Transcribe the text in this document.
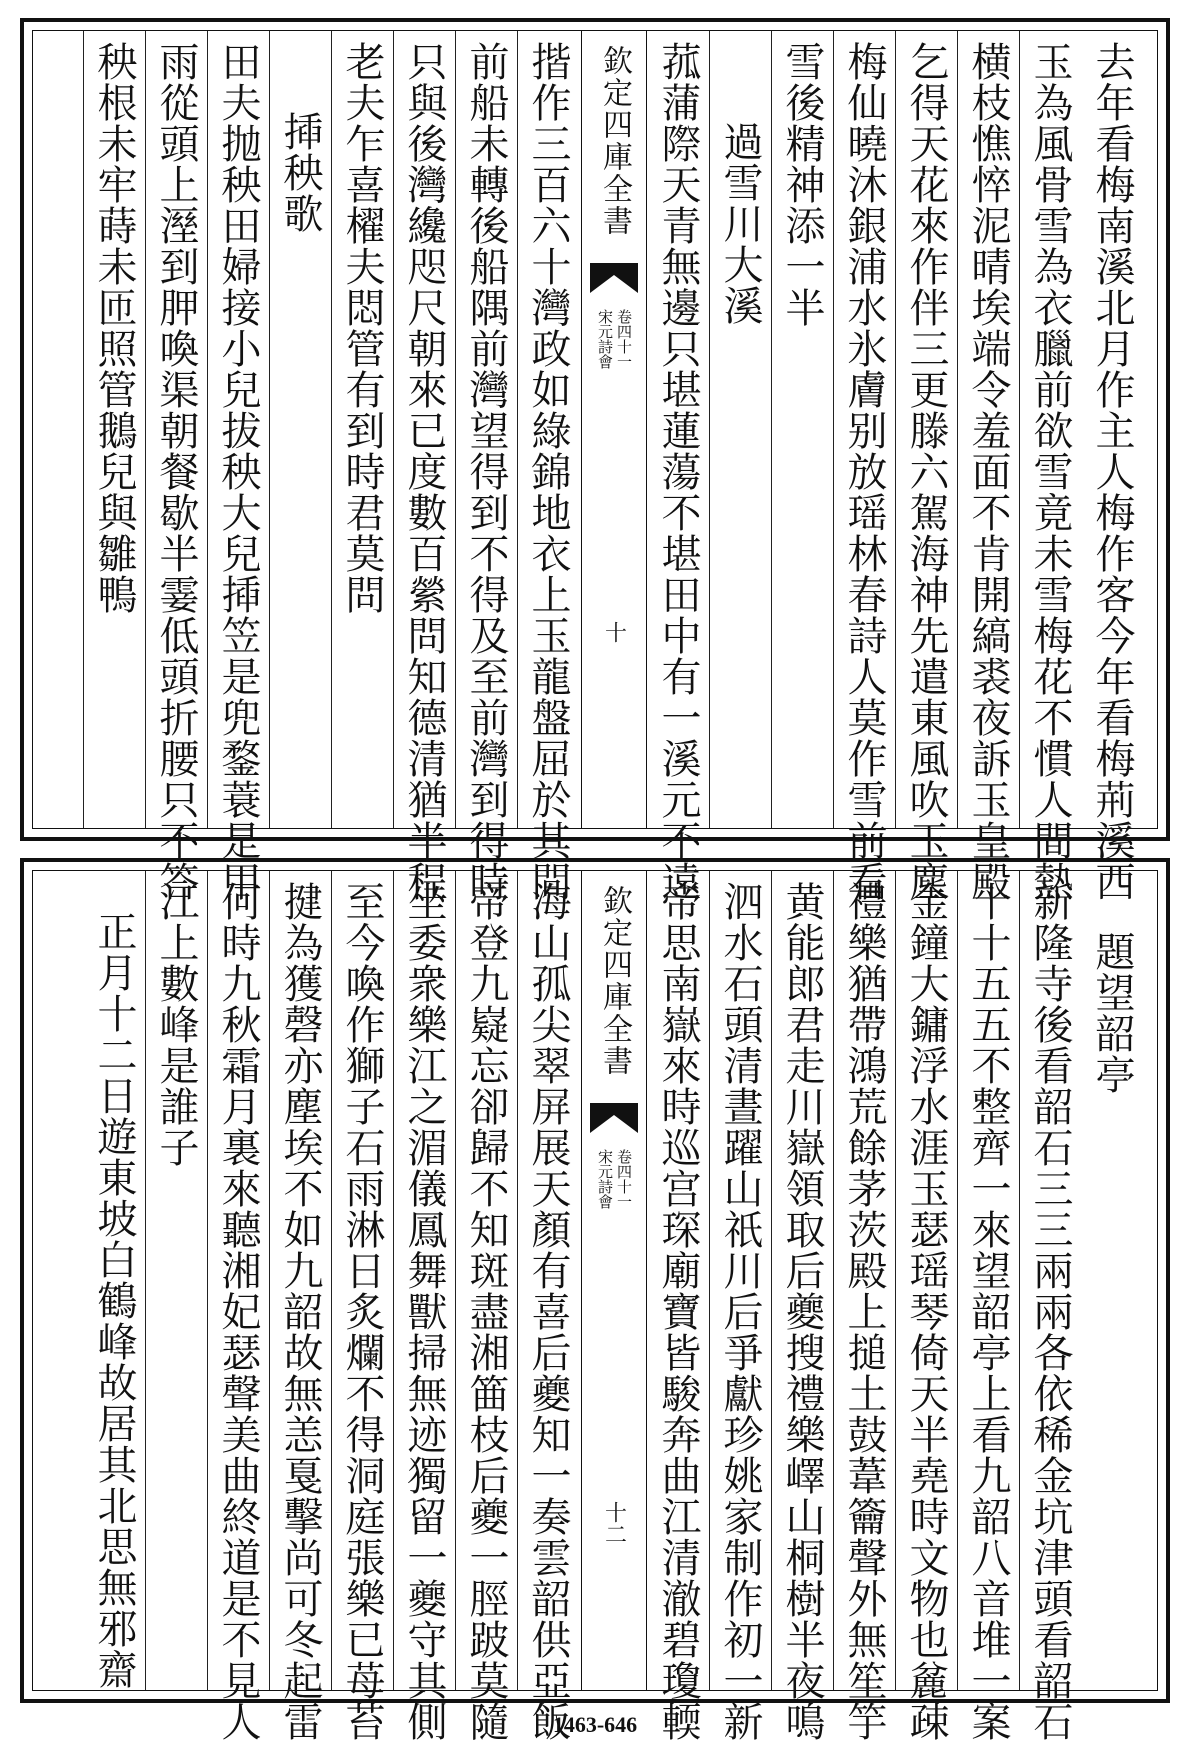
去年看梅南溪北月作主人梅作客今年看梅荊溪西
玉為風骨雪為衣臘前欲雪竟未雪梅花不慣人間熱
横枝憔悴泥晴埃端令羞面不肯開縞裘夜訴玉皇殿
乞得天花來作伴三更滕六駕海神先遣東風吹玉塵
梅仙曉沐銀浦水氷膚别放瑶林春詩人莫作雪前看
雪後精神添一半
過雪川大溪
菰蒲際天青無邊只堪蓮蕩不堪田中有一溪元不遠
欽定四庫全書
宋元詩會 卷四十一
十
揩作三百六十灣政如綠錦地衣上玉龍盤屈於其間
前船未轉後船隅前灣望得到不得及至前灣到得時
只與後灣纔咫尺朝來已度數百縈問知德清猶半程
老夫乍喜櫂夫悶管有到時君莫問
揷秧歌
田夫抛秧田婦接小兒拔秧大兒揷笠是兜鍪蓑是甲
雨從頭上溼到胛喚渠朝餐歇半霎低頭折腰只不答
秧根未牢蒔未匝照管鵝兒與雛鴨
題望韶亭
新隆寺後看韶石三三兩兩各依稀金坑津頭看韶石
十十五五不整齊一來望韶亭上看九韶八音堆一案
金鐘大鏞浮水涯玉瑟瑶琴倚天半堯時文物也麄疎
禮樂猶帶鴻荒餘茅茨殿上搥土鼓葦籥聲外無笙竽
黄能郎君走川嶽領取后夔搜禮樂嶧山桐樹半夜鳴
泗水石頭清晝躍山祇川后爭獻珍姚家制作初一新
帝思南嶽來時巡宫琛廟寶皆駿奔曲江清澈碧瓊輭
欽定四庫全書
宋元詩會 卷四十一
十二
海山孤尖翠屏展天顏有喜后夔知一奏雲韶供亞飯
帝登九嶷忘卻歸不知斑盡湘筁枝后夔一脛跛莫隨
坐委衆樂江之湄儀鳳舞獸掃無迹獨留一夔守其側
至今喚作獅子石雨淋日炙爛不得洞庭張樂已苺苔
揵為獲磬亦塵埃不如九韶故無恙戛擊尚可冬起雷
何時九秋霜月裏來聽湘妃瑟聲美曲終道是不見人
江上數峰是誰子
正月十二日遊東坡白鶴峰故居其北思無邪齋
1463-646
